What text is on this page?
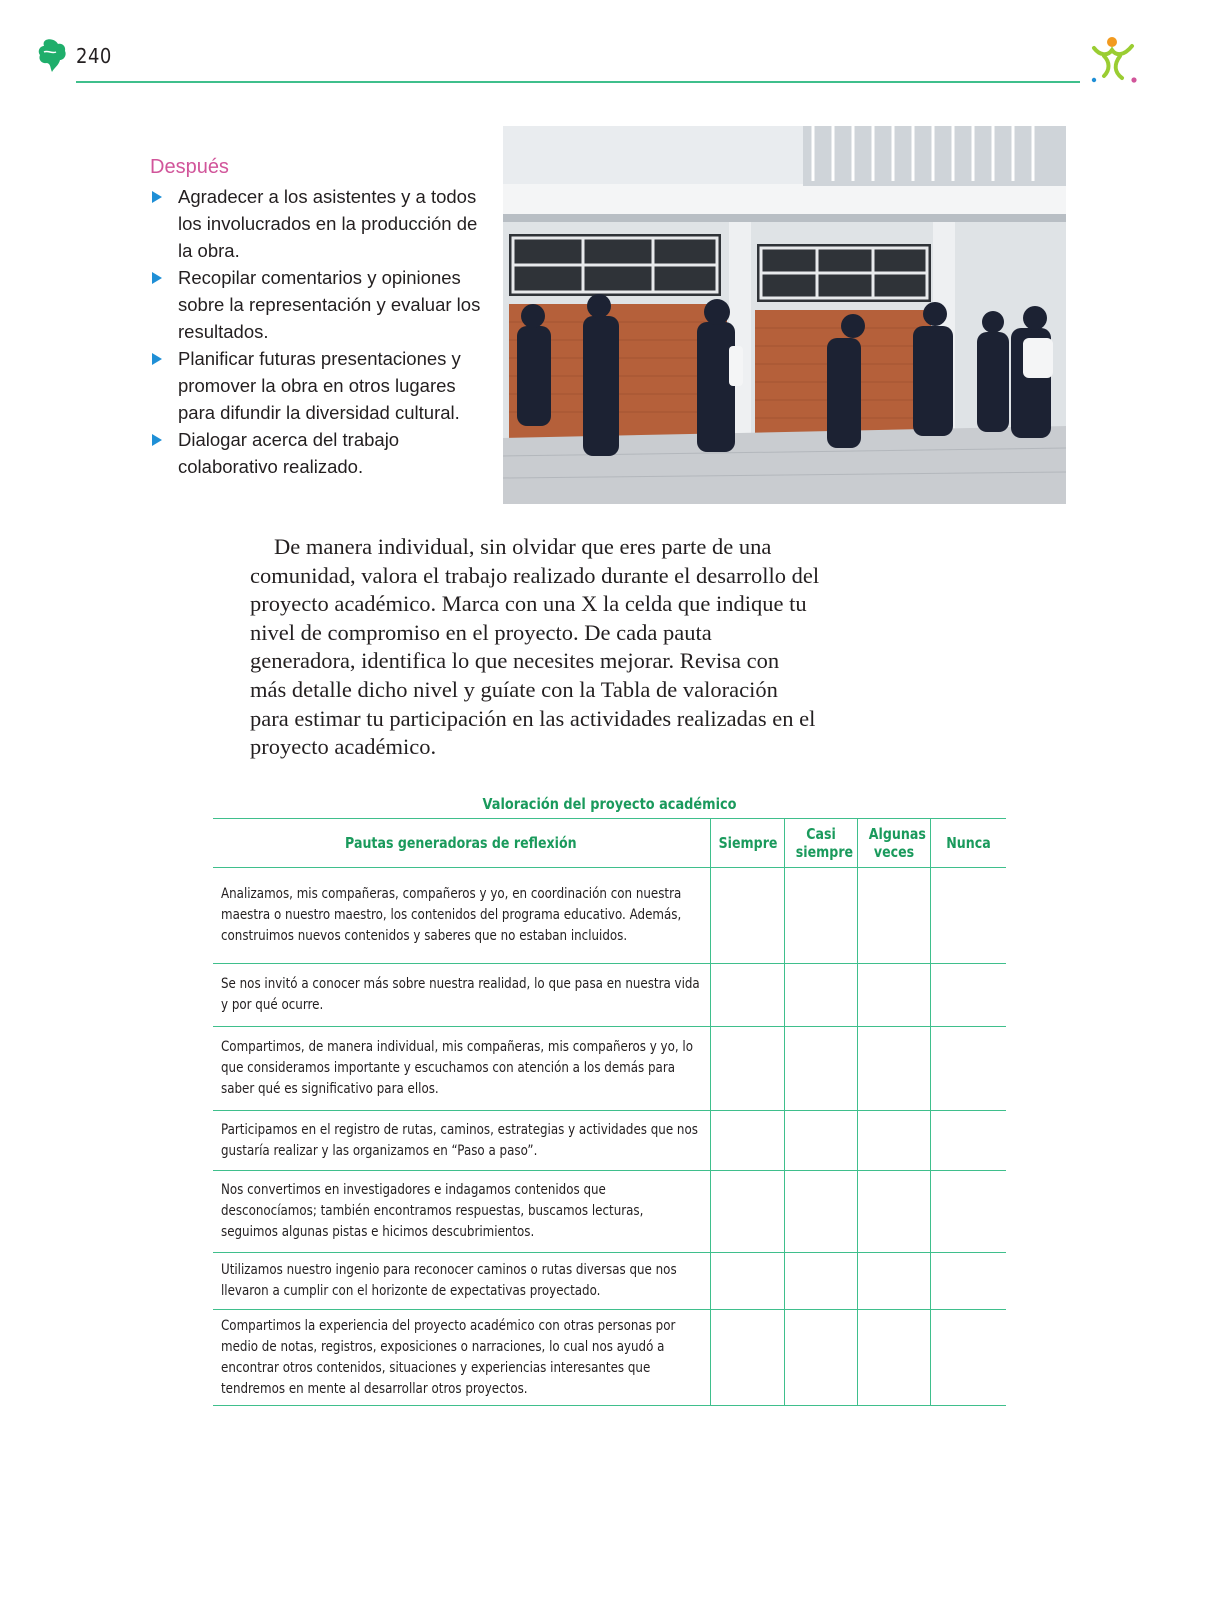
240
Después
Agradecer a los asistentes y a todos los involucrados en la producción de la obra.
Recopilar comentarios y opiniones sobre la representación y evaluar los resultados.
Planificar futuras presentaciones y promover la obra en otros lugares para difundir la diversidad cultural.
Dialogar acerca del trabajo colaborativo realizado.

De manera individual, sin olvidar que eres parte de una comunidad, valora el trabajo realizado durante el desarrollo del proyecto académico. Marca con una X la celda que indique tu nivel de compromiso en el proyecto. De cada pauta generadora, identifica lo que necesites mejorar. Revisa con más detalle dicho nivel y guíate con la Tabla de valoración para estimar tu participación en las actividades realizadas en el proyecto académico.

Valoración del proyecto académico
Pautas generadoras de reflexión	Siempre	Casi siempre	Algunas veces	Nunca

Analizamos, mis compañeras, compañeros y yo, en coordinación con nuestra maestra o nuestro maestro, los contenidos del programa educativo. Además, construimos nuevos contenidos y saberes que no estaban incluidos.				

Se nos invitó a conocer más sobre nuestra realidad, lo que pasa en nuestra vida y por qué ocurre.				

Compartimos, de manera individual, mis compañeras, mis compañeros y yo, lo que consideramos importante y escuchamos con atención a los demás para saber qué es significativo para ellos.				

Participamos en el registro de rutas, caminos, estrategias y actividades que nos gustaría realizar y las organizamos en “Paso a paso”.				

Nos convertimos en investigadores e indagamos contenidos que desconocíamos; también encontramos respuestas, buscamos lecturas, seguimos algunas pistas e hicimos descubrimientos.				

Utilizamos nuestro ingenio para reconocer caminos o rutas diversas que nos llevaron a cumplir con el horizonte de expectativas proyectado.				

Compartimos la experiencia del proyecto académico con otras personas por medio de notas, registros, exposiciones o narraciones, lo cual nos ayudó a encontrar otros contenidos, situaciones y experiencias interesantes que tendremos en mente al desarrollar otros proyectos.				
